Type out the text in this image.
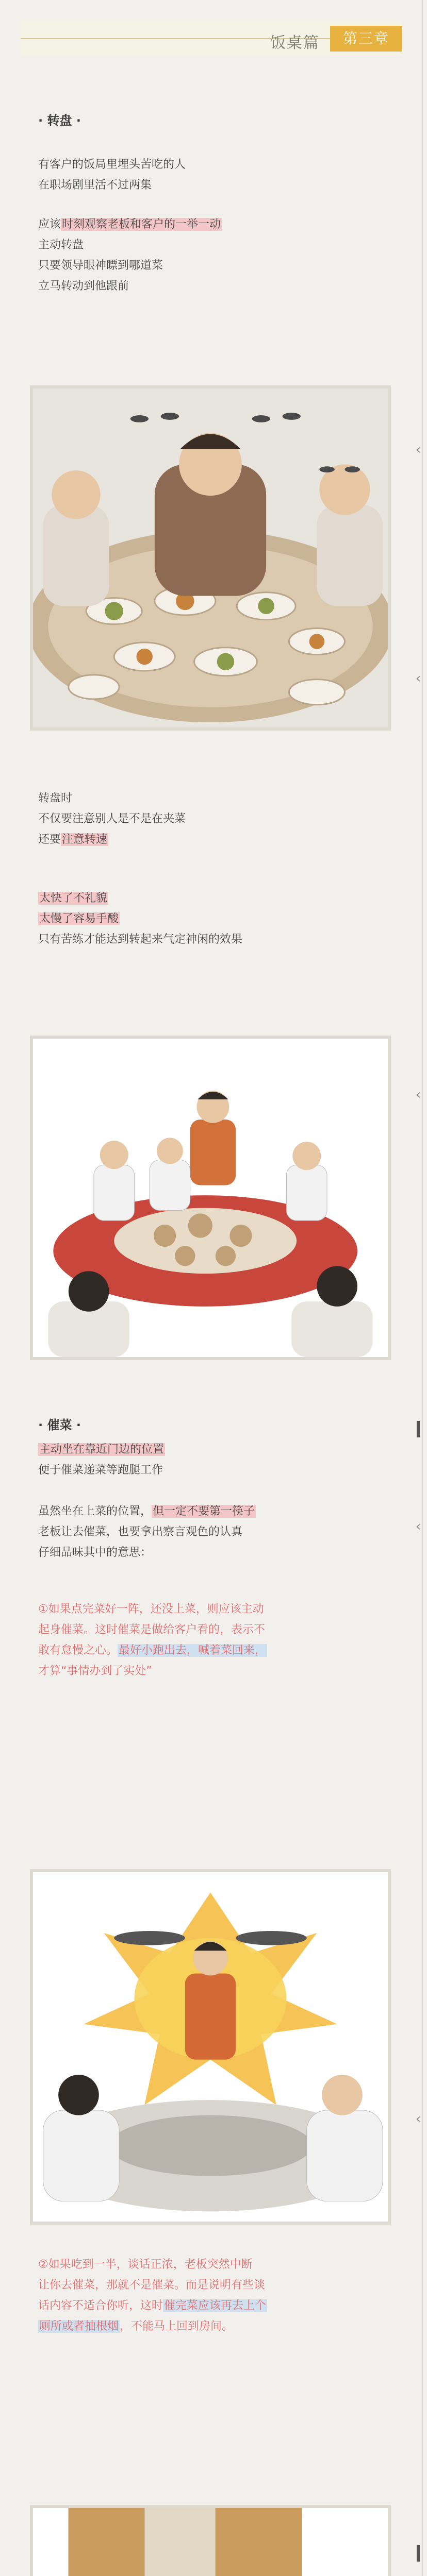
饭桌篇	第三章
· 转盘 ·
有客户的饭局里埋头苦吃的人
在职场剧里活不过两集
应该时刻观察老板和客户的一举一动
主动转盘
只要领导眼神瞟到哪道菜
立马转动到他跟前
转盘时
不仅要注意别人是不是在夹菜
还要注意转速
太快了不礼貌
太慢了容易手酸
只有苦练才能达到转起来气定神闲的效果
· 催菜 ·
主动坐在靠近门边的位置
便于催菜递菜等跑腿工作
虽然坐在上菜的位置，但一定不要第一筷子
老板让去催菜，也要拿出察言观色的认真
仔细品味其中的意思：
①如果点完菜好一阵，还没上菜，则应该主动
起身催菜。这时催菜是做给客户看的，表示不
敢有怠慢之心。最好小跑出去，喊着菜回来，
才算“事情办到了实处”
②如果吃到一半，谈话正浓，老板突然中断
让你去催菜，那就不是催菜。而是说明有些谈
话内容不适合你听，这时催完菜应该再去上个
厕所或者抽根烟，不能马上回到房间。

‹
‹
‹
‹
‹
